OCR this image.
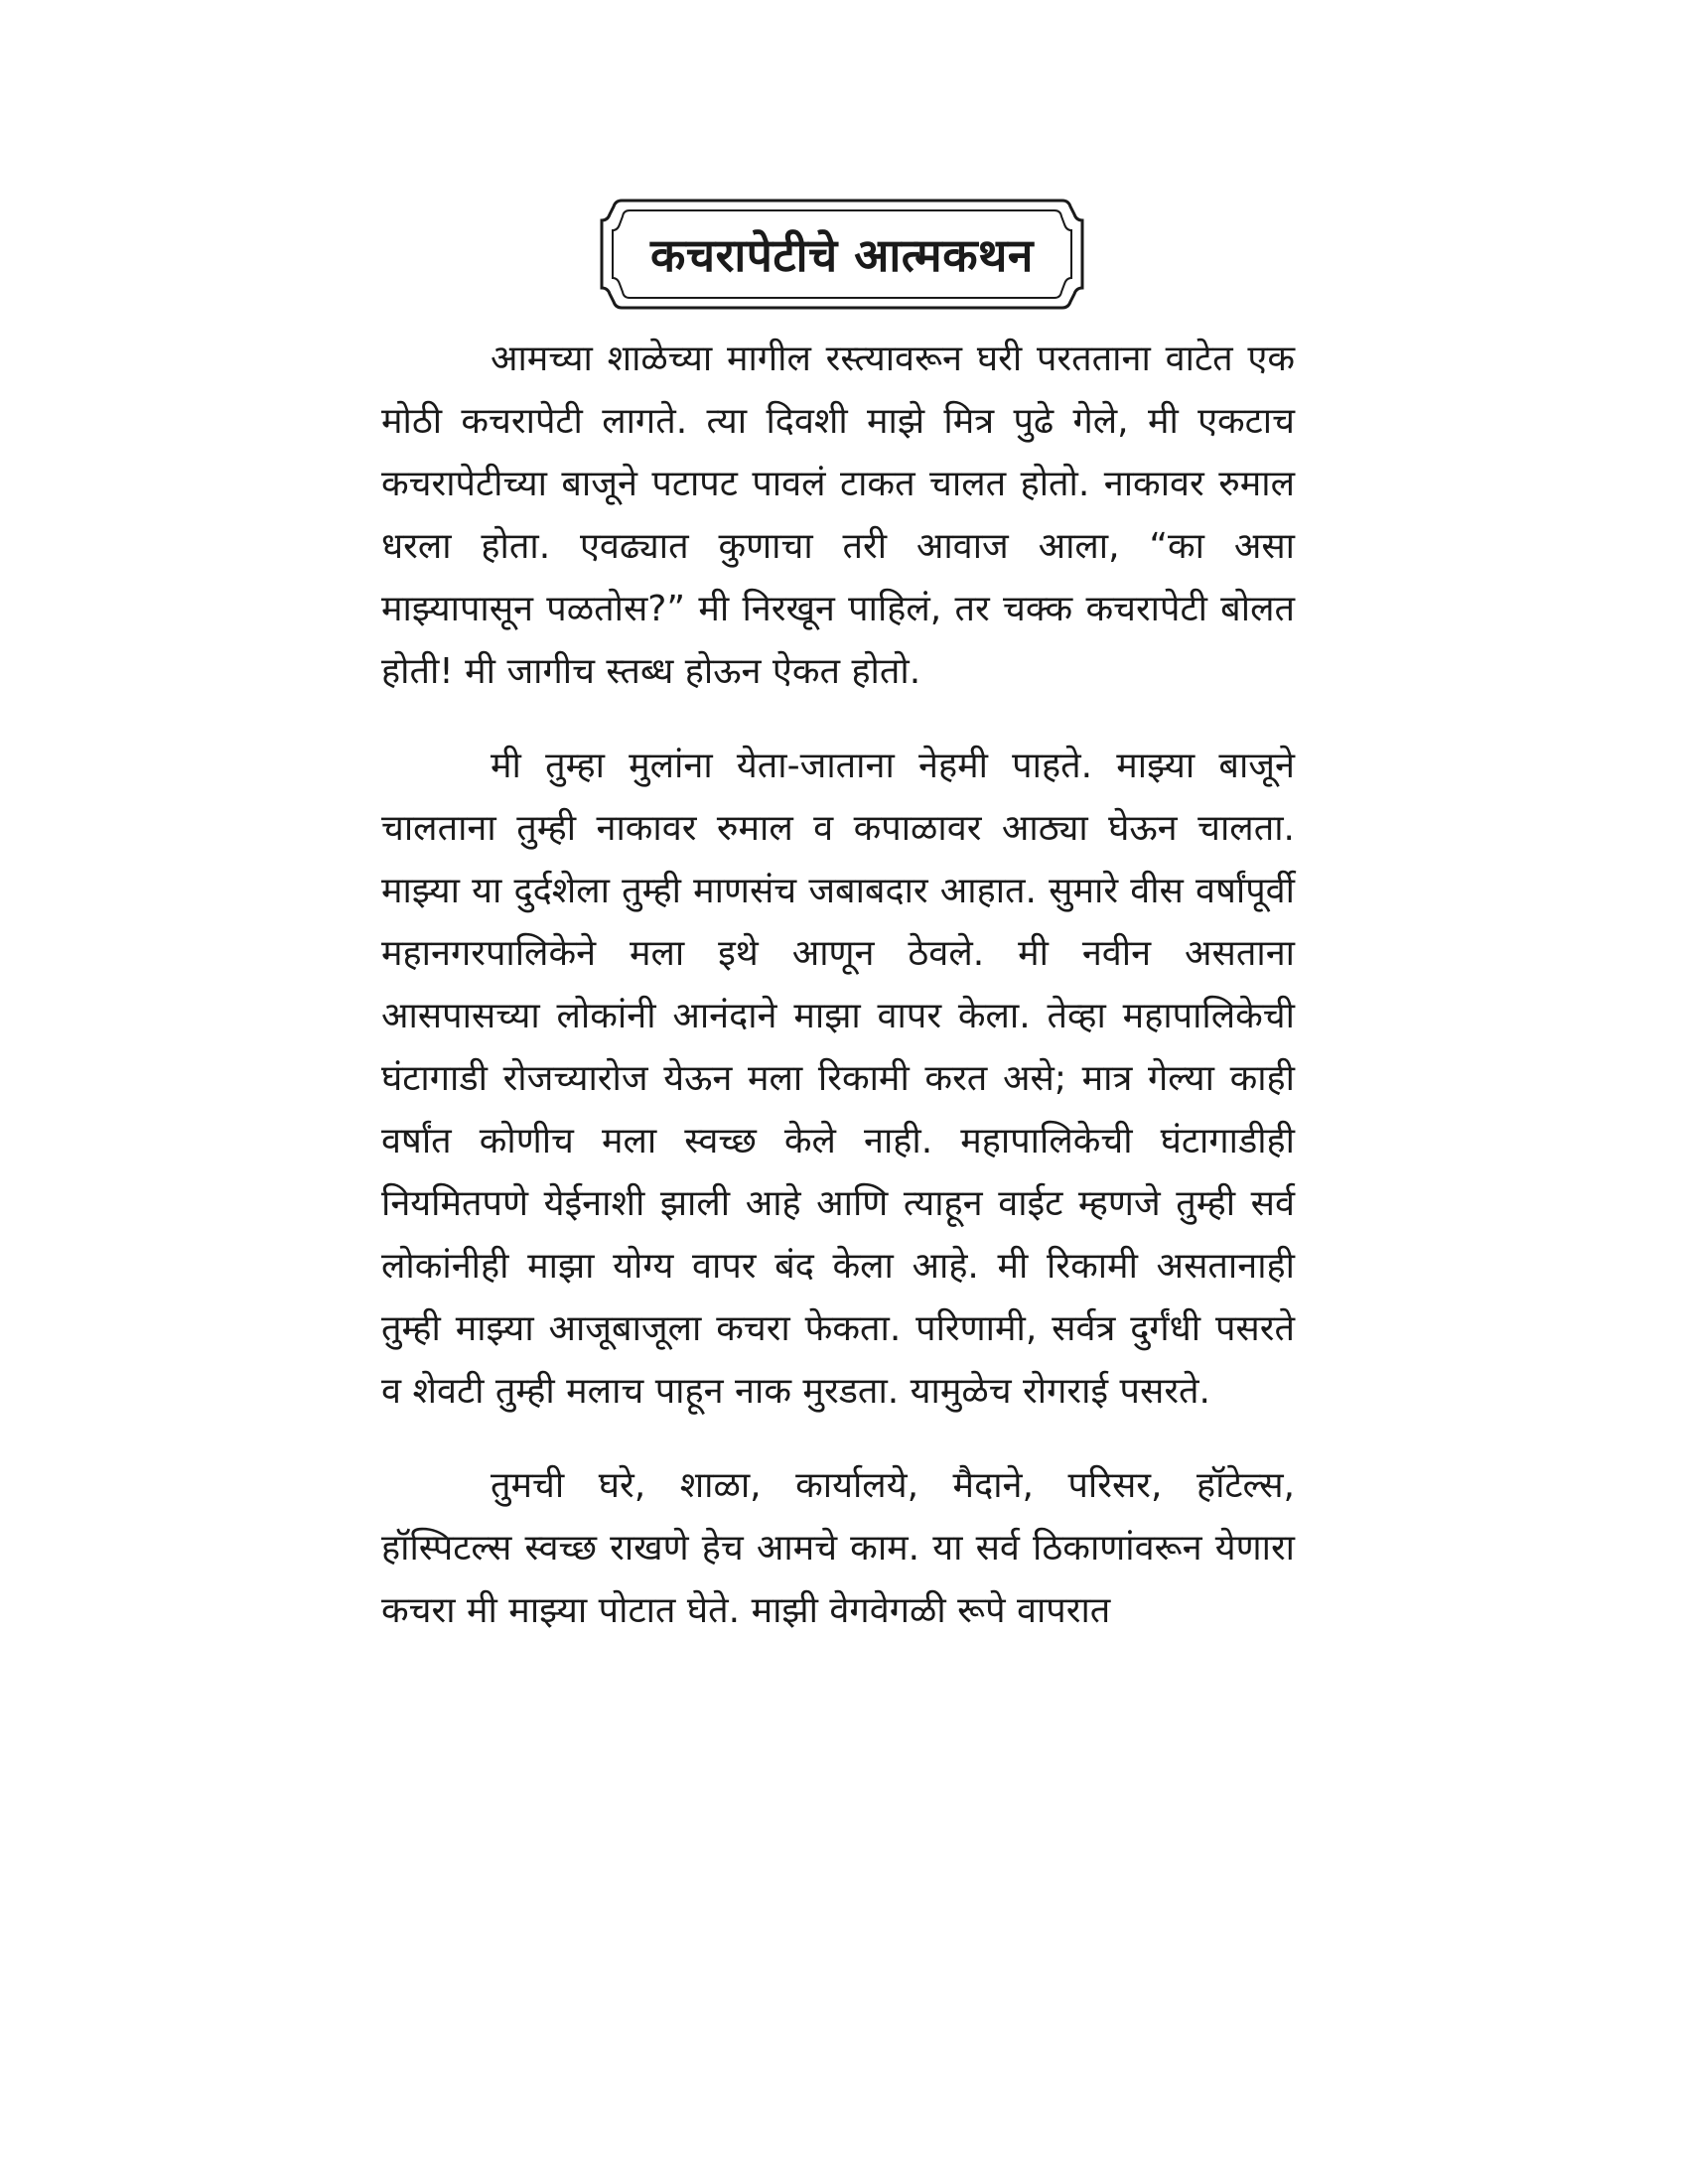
कचरापेटीचे आत्मकथन

आमच्या शाळेच्या मागील रस्त्यावरून घरी परतताना वाटेत एक मोठी कचरापेटी लागते. त्या दिवशी माझे मित्र पुढे गेले, मी एकटाच कचरापेटीच्या बाजूने पटापट पावलं टाकत चालत होतो. नाकावर रुमाल धरला होता. एवढ्यात कुणाचा तरी आवाज आला, “का असा माझ्यापासून पळतोस?” मी निरखून पाहिलं, तर चक्क कचरापेटी बोलत होती! मी जागीच स्तब्ध होऊन ऐकत होतो.

मी तुम्हा मुलांना येता-जाताना नेहमी पाहते. माझ्या बाजूने चालताना तुम्ही नाकावर रुमाल व कपाळावर आठ्या घेऊन चालता. माझ्या या दुर्दशेला तुम्ही माणसंच जबाबदार आहात. सुमारे वीस वर्षांपूर्वी महानगरपालिकेने मला इथे आणून ठेवले. मी नवीन असताना आसपासच्या लोकांनी आनंदाने माझा वापर केला. तेव्हा महापालिकेची घंटागाडी रोजच्यारोज येऊन मला रिकामी करत असे; मात्र गेल्या काही वर्षांत कोणीच मला स्वच्छ केले नाही. महापालिकेची घंटागाडीही नियमितपणे येईनाशी झाली आहे आणि त्याहून वाईट म्हणजे तुम्ही सर्व लोकांनीही माझा योग्य वापर बंद केला आहे. मी रिकामी असतानाही तुम्ही माझ्या आजूबाजूला कचरा फेकता. परिणामी, सर्वत्र दुर्गंधी पसरते व शेवटी तुम्ही मलाच पाहून नाक मुरडता. यामुळेच रोगराई पसरते.

तुमची घरे, शाळा, कार्यालये, मैदाने, परिसर, हॉटेल्स, हॉस्पिटल्स स्वच्छ राखणे हेच आमचे काम. या सर्व ठिकाणांवरून येणारा कचरा मी माझ्या पोटात घेते. माझी वेगवेगळी रूपे वापरात
